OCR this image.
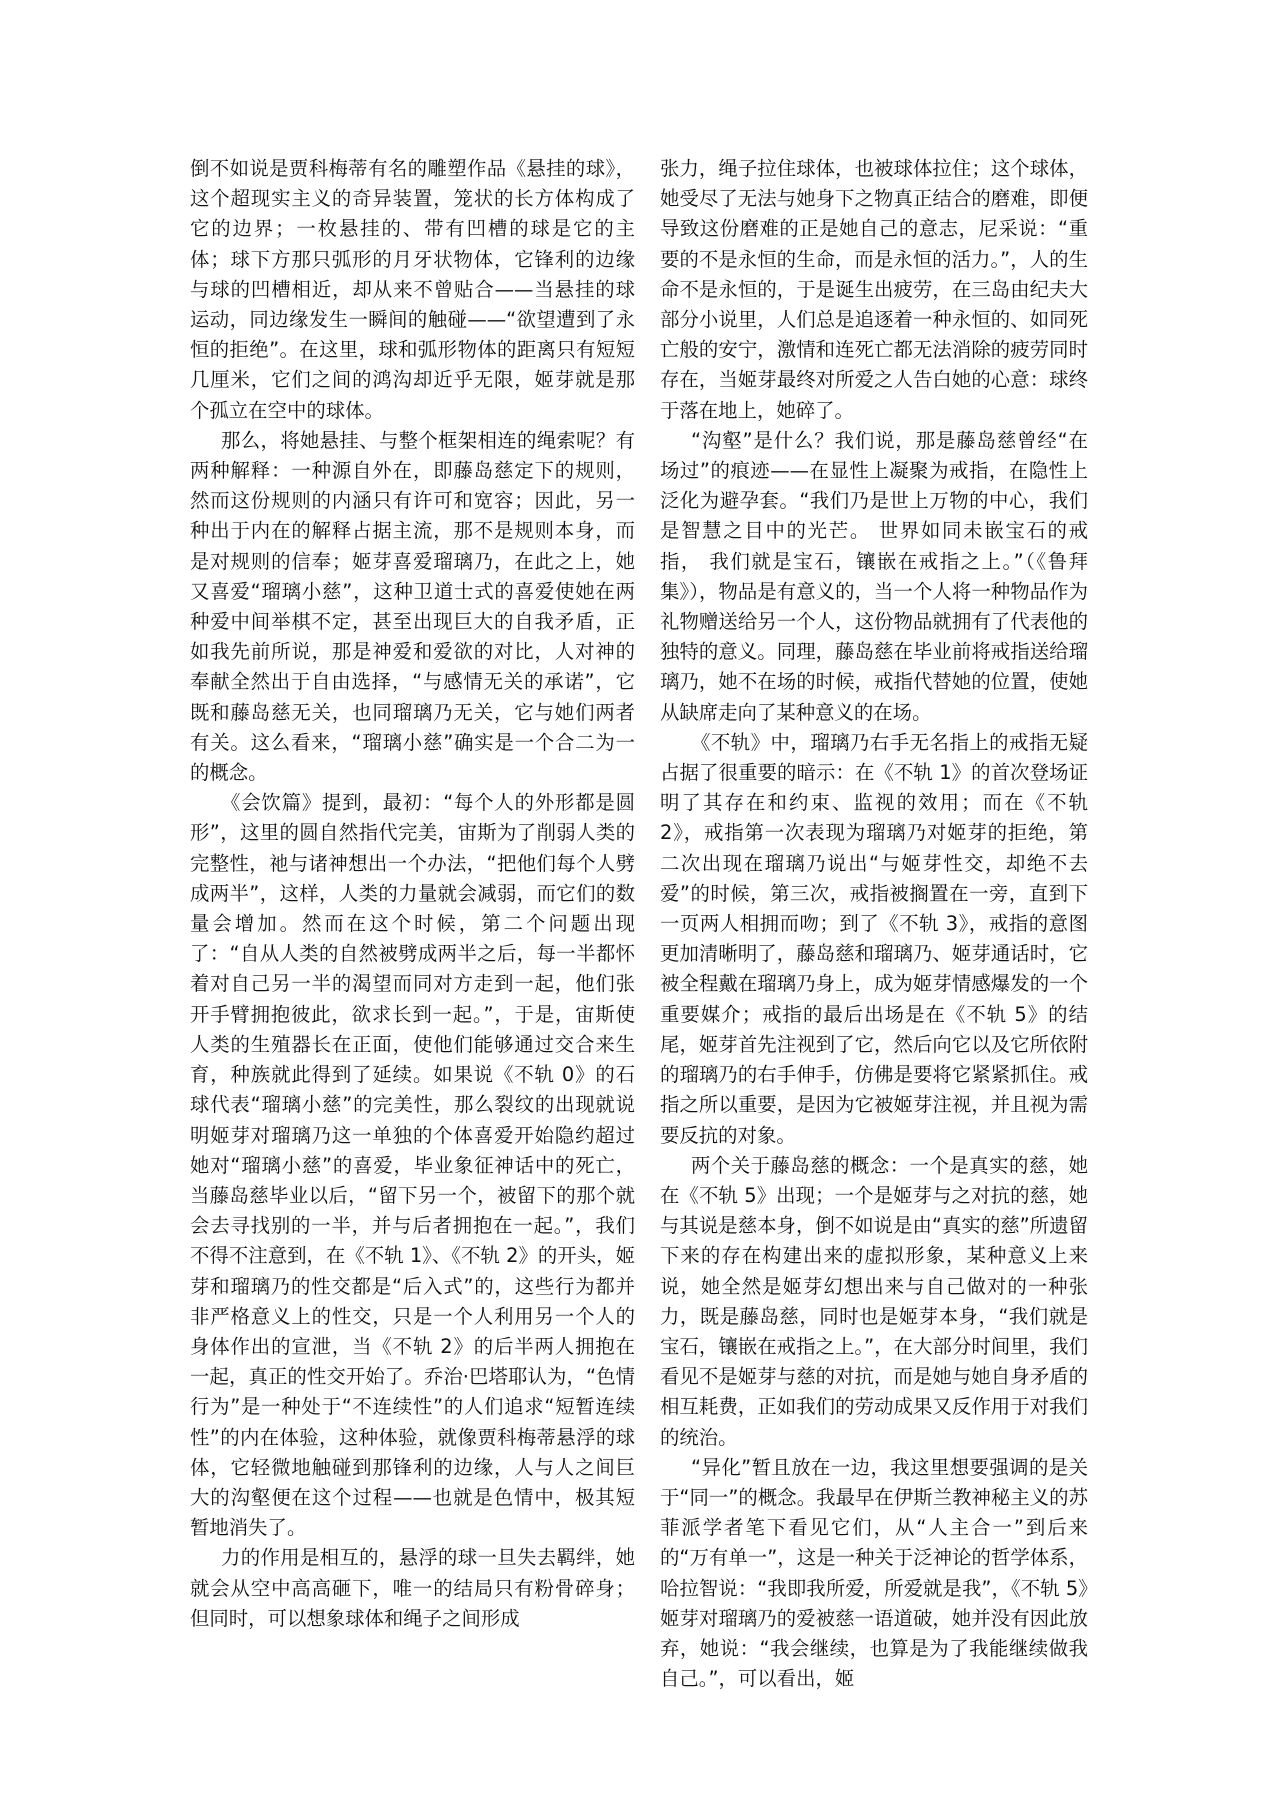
倒不如说是贾科梅蒂有名的雕塑作品《悬挂的球》，这个超现实主义的奇异装置，笼状的长方体构成了它的边界；一枚悬挂的、带有凹槽的球是它的主体；球下方那只弧形的月牙状物体，它锋利的边缘与球的凹槽相近，却从来不曾贴合——当悬挂的球运动，同边缘发生一瞬间的触碰——“欲望遭到了永恒的拒绝”。在这里，球和弧形物体的距离只有短短几厘米，它们之间的鸿沟却近乎无限，姬芽就是那个孤立在空中的球体。

那么，将她悬挂、与整个框架相连的绳索呢？有两种解释：一种源自外在，即藤岛慈定下的规则，然而这份规则的内涵只有许可和宽容；因此，另一种出于内在的解释占据主流，那不是规则本身，而是对规则的信奉；姬芽喜爱瑠璃乃，在此之上，她又喜爱“瑠璃小慈”，这种卫道士式的喜爱使她在两种爱中间举棋不定，甚至出现巨大的自我矛盾，正如我先前所说，那是神爱和爱欲的对比，人对神的奉献全然出于自由选择，“与感情无关的承诺”，它既和藤岛慈无关，也同瑠璃乃无关，它与她们两者有关。这么看来，“瑠璃小慈”确实是一个合二为一的概念。

《会饮篇》提到，最初：“每个人的外形都是圆形”，这里的圆自然指代完美，宙斯为了削弱人类的完整性，祂与诸神想出一个办法，“把他们每个人劈成两半”，这样，人类的力量就会减弱，而它们的数量会增加。然而在这个时候，第二个问题出现了：“自从人类的自然被劈成两半之后，每一半都怀着对自己另一半的渴望而同对方走到一起，他们张开手臂拥抱彼此，欲求长到一起。”，于是，宙斯使人类的生殖器长在正面，使他们能够通过交合来生育，种族就此得到了延续。如果说《不轨 0》的石球代表“瑠璃小慈”的完美性，那么裂纹的出现就说明姬芽对瑠璃乃这一单独的个体喜爱开始隐约超过她对“瑠璃小慈”的喜爱，毕业象征神话中的死亡，当藤岛慈毕业以后，“留下另一个，被留下的那个就会去寻找别的一半，并与后者拥抱在一起。”，我们不得不注意到，在《不轨 1》、《不轨 2》的开头，姬芽和瑠璃乃的性交都是“后入式”的，这些行为都并非严格意义上的性交，只是一个人利用另一个人的身体作出的宣泄，当《不轨 2》的后半两人拥抱在一起，真正的性交开始了。乔治·巴塔耶认为，“色情行为”是一种处于“不连续性”的人们追求“短暂连续性”的内在体验，这种体验，就像贾科梅蒂悬浮的球体，它轻微地触碰到那锋利的边缘，人与人之间巨大的沟壑便在这个过程——也就是色情中，极其短暂地消失了。

力的作用是相互的，悬浮的球一旦失去羁绊，她就会从空中高高砸下，唯一的结局只有粉骨碎身；但同时，可以想象球体和绳子之间形成

张力，绳子拉住球体，也被球体拉住；这个球体，她受尽了无法与她身下之物真正结合的磨难，即便导致这份磨难的正是她自己的意志，尼采说：“重要的不是永恒的生命，而是永恒的活力。”，人的生命不是永恒的，于是诞生出疲劳，在三岛由纪夫大部分小说里，人们总是追逐着一种永恒的、如同死亡般的安宁，激情和连死亡都无法消除的疲劳同时存在，当姬芽最终对所爱之人告白她的心意：球终于落在地上，她碎了。

“沟壑”是什么？我们说，那是藤岛慈曾经“在场过”的痕迹——在显性上凝聚为戒指，在隐性上泛化为避孕套。“我们乃是世上万物的中心，我们是智慧之目中的光芒。 世界如同未嵌宝石的戒指， 我们就是宝石，镶嵌在戒指之上。”（《鲁拜集》），物品是有意义的，当一个人将一种物品作为礼物赠送给另一个人，这份物品就拥有了代表他的独特的意义。同理，藤岛慈在毕业前将戒指送给瑠璃乃，她不在场的时候，戒指代替她的位置，使她从缺席走向了某种意义的在场。

《不轨》中，瑠璃乃右手无名指上的戒指无疑占据了很重要的暗示：在《不轨 1》的首次登场证明了其存在和约束、监视的效用；而在《不轨 2》，戒指第一次表现为瑠璃乃对姬芽的拒绝，第二次出现在瑠璃乃说出“与姬芽性交，却绝不去爱”的时候，第三次，戒指被搁置在一旁，直到下一页两人相拥而吻；到了《不轨 3》，戒指的意图更加清晰明了，藤岛慈和瑠璃乃、姬芽通话时，它被全程戴在瑠璃乃身上，成为姬芽情感爆发的一个重要媒介；戒指的最后出场是在《不轨 5》的结尾，姬芽首先注视到了它，然后向它以及它所依附的瑠璃乃的右手伸手，仿佛是要将它紧紧抓住。戒指之所以重要，是因为它被姬芽注视，并且视为需要反抗的对象。

两个关于藤岛慈的概念：一个是真实的慈，她在《不轨 5》出现；一个是姬芽与之对抗的慈，她与其说是慈本身，倒不如说是由“真实的慈”所遗留下来的存在构建出来的虚拟形象，某种意义上来说，她全然是姬芽幻想出来与自己做对的一种张力，既是藤岛慈，同时也是姬芽本身，“我们就是宝石，镶嵌在戒指之上。”，在大部分时间里，我们看见不是姬芽与慈的对抗，而是她与她自身矛盾的相互耗费，正如我们的劳动成果又反作用于对我们的统治。

“异化”暂且放在一边，我这里想要强调的是关于“同一”的概念。我最早在伊斯兰教神秘主义的苏菲派学者笔下看见它们，从“人主合一”到后来的“万有单一”，这是一种关于泛神论的哲学体系，哈拉智说：“我即我所爱，所爱就是我”，《不轨 5》姬芽对瑠璃乃的爱被慈一语道破，她并没有因此放弃，她说：“我会继续，也算是为了我能继续做我自己。”，可以看出，姬
